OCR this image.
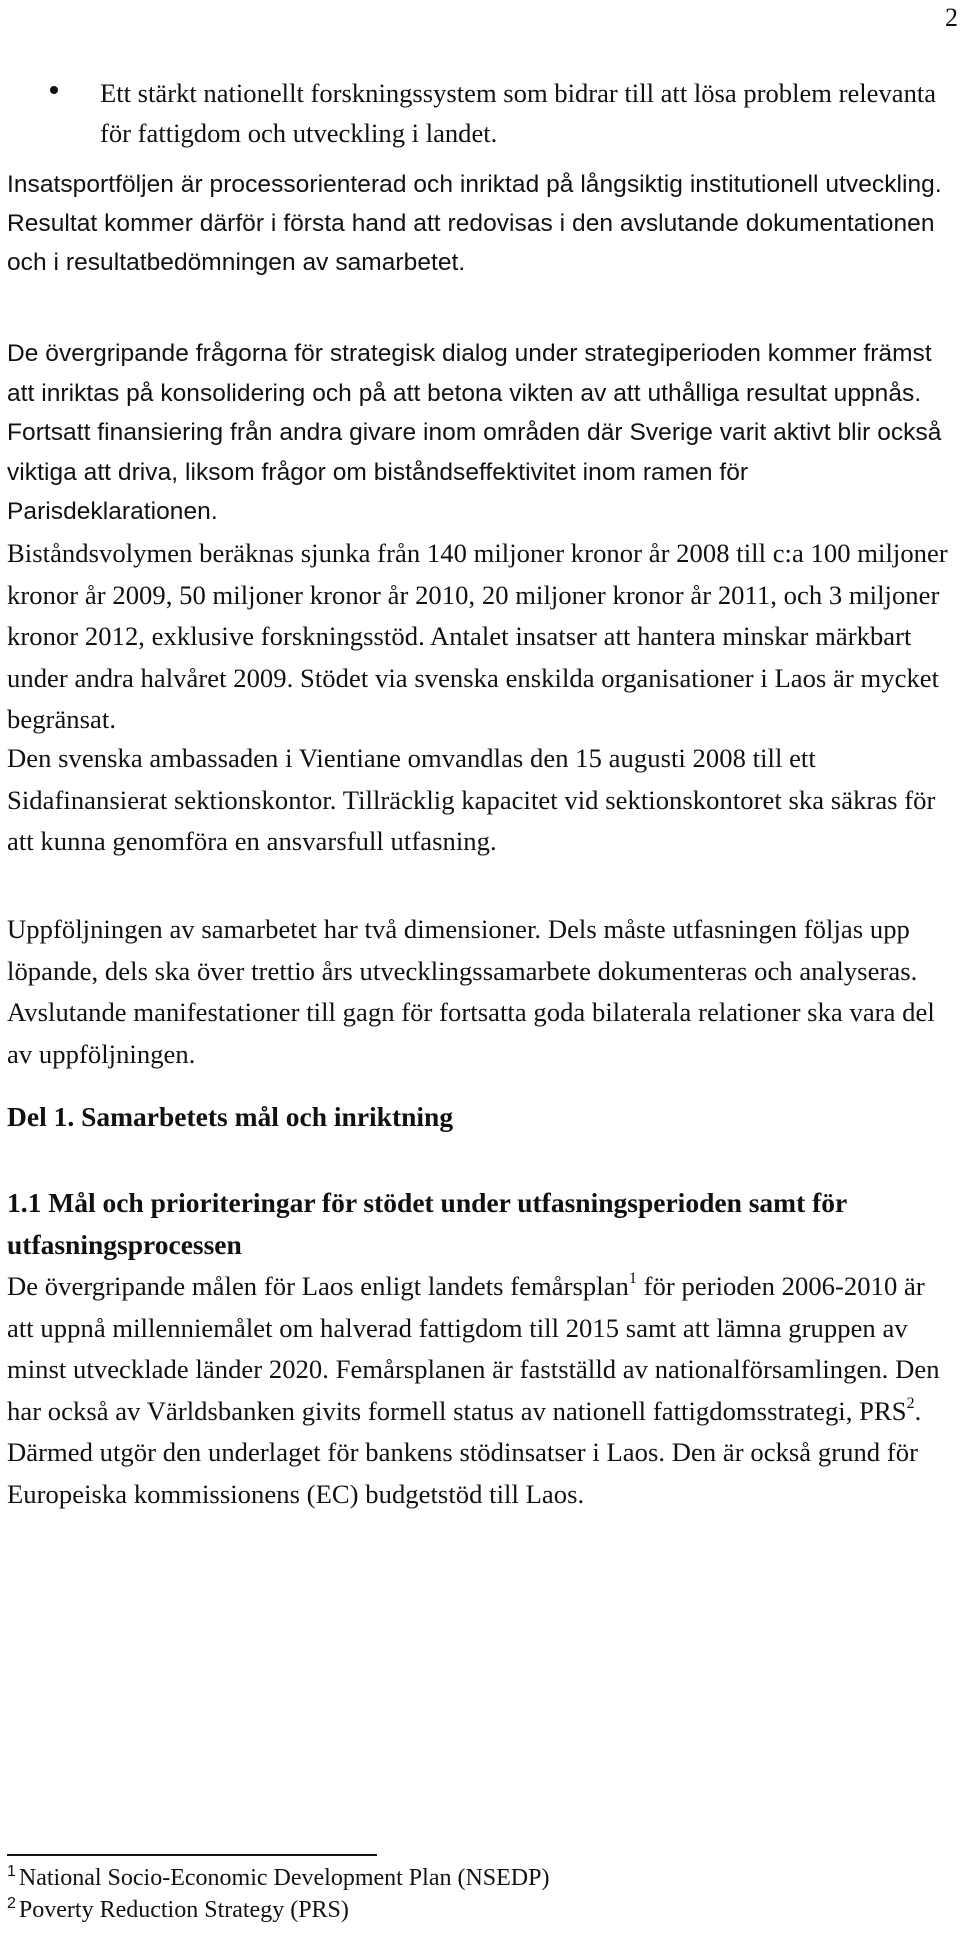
2

Ett stärkt nationellt forskningssystem som bidrar till att lösa problem relevanta för fattigdom och utveckling i landet.

Insatsportföljen är processorienterad och inriktad på långsiktig institutionell utveckling. Resultat kommer därför i första hand att redovisas i den avslutande dokumentationen och i resultatbedömningen av samarbetet.

De övergripande frågorna för strategisk dialog under strategiperioden kommer främst att inriktas på konsolidering och på att betona vikten av att uthålliga resultat uppnås. Fortsatt finansiering från andra givare inom områden där Sverige varit aktivt blir också viktiga att driva, liksom frågor om biståndseffektivitet inom ramen för Parisdeklarationen.

Biståndsvolymen beräknas sjunka från 140 miljoner kronor år 2008 till c:a 100 miljoner kronor år 2009, 50 miljoner kronor år 2010, 20 miljoner kronor år 2011, och 3 miljoner kronor 2012, exklusive forskningsstöd. Antalet insatser att hantera minskar märkbart under andra halvåret 2009. Stödet via svenska enskilda organisationer i Laos är mycket begränsat.

Den svenska ambassaden i Vientiane omvandlas den 15 augusti 2008 till ett Sidafinansierat sektionskontor. Tillräcklig kapacitet vid sektionskontoret ska säkras för att kunna genomföra en ansvarsfull utfasning.

Uppföljningen av samarbetet har två dimensioner. Dels måste utfasningen följas upp löpande, dels ska över trettio års utvecklingssamarbete dokumenteras och analyseras. Avslutande manifestationer till gagn för fortsatta goda bilaterala relationer ska vara del av uppföljningen.

Del 1. Samarbetets mål och inriktning
1.1 Mål och prioriteringar för stödet under utfasningsperioden samt för utfasningsprocessen

De övergripande målen för Laos enligt landets femårsplan$^1$ för perioden 2006-2010 är att uppnå millenniemålet om halverad fattigdom till 2015 samt att lämna gruppen av minst utvecklade länder 2020. Femårsplanen är fastställd av nationalförsamlingen. Den har också av Världsbanken givits formell status av nationell fattigdomsstrategi, PRS$^2$. Därmed utgör den underlaget för bankens stödinsatser i Laos. Den är också grund för Europeiska kommissionens (EC) budgetstöd till Laos.

$^1$ National Socio-Economic Development Plan (NSEDP)

$^2$ Poverty Reduction Strategy (PRS)
